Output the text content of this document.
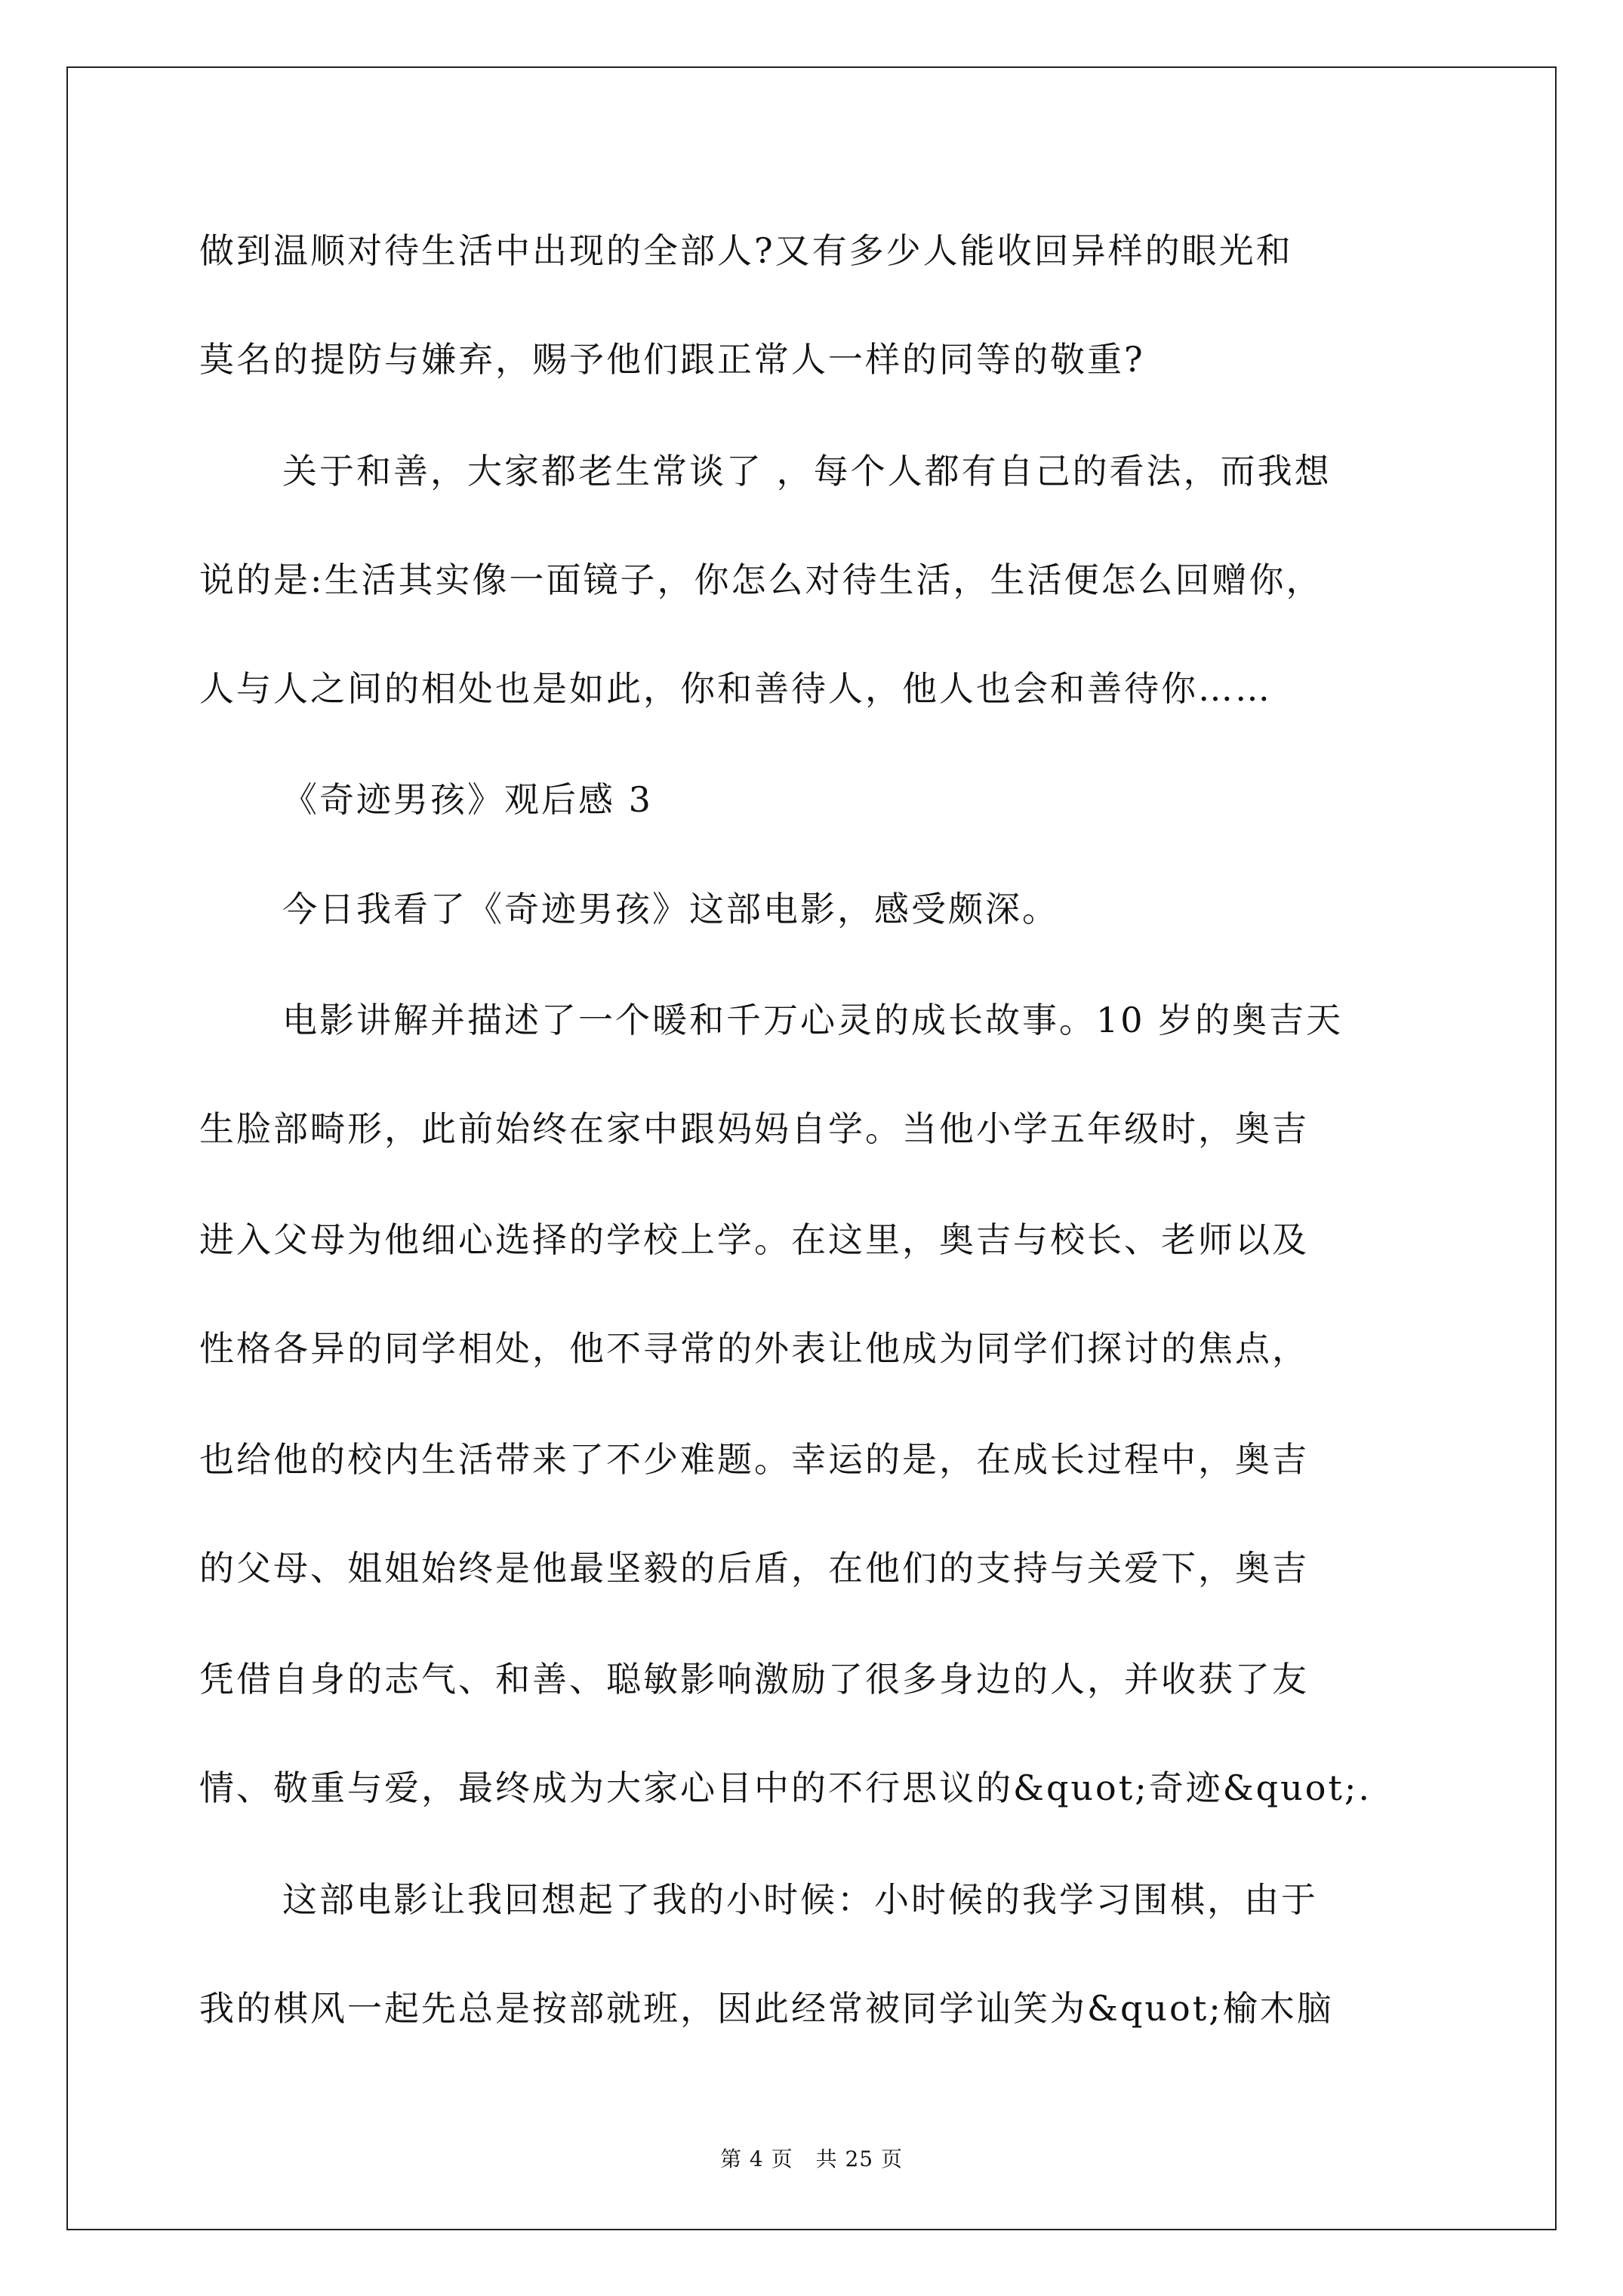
做到温顺对待生活中出现的全部人?又有多少人能收回异样的眼光和
莫名的提防与嫌弃，赐予他们跟正常人一样的同等的敬重?
关于和善，大家都老生常谈了 ，每个人都有自己的看法，而我想
说的是:生活其实像一面镜子，你怎么对待生活，生活便怎么回赠你，
人与人之间的相处也是如此，你和善待人，他人也会和善待你……
《奇迹男孩》观后感 3
今日我看了《奇迹男孩》这部电影，感受颇深。
电影讲解并描述了一个暖和千万心灵的成长故事。10 岁的奥吉天
生脸部畸形，此前始终在家中跟妈妈自学。当他小学五年级时，奥吉
进入父母为他细心选择的学校上学。在这里，奥吉与校长、老师以及
性格各异的同学相处，他不寻常的外表让他成为同学们探讨的焦点，
也给他的校内生活带来了不少难题。幸运的是，在成长过程中，奥吉
的父母、姐姐始终是他最坚毅的后盾，在他们的支持与关爱下，奥吉
凭借自身的志气、和善、聪敏影响激励了很多身边的人，并收获了友
情、敬重与爱，最终成为大家心目中的不行思议的&quot;奇迹&quot;.
这部电影让我回想起了我的小时候：小时候的我学习围棋，由于
我的棋风一起先总是按部就班，因此经常被同学讪笑为&quot;榆木脑
第 4 页 共 25 页
